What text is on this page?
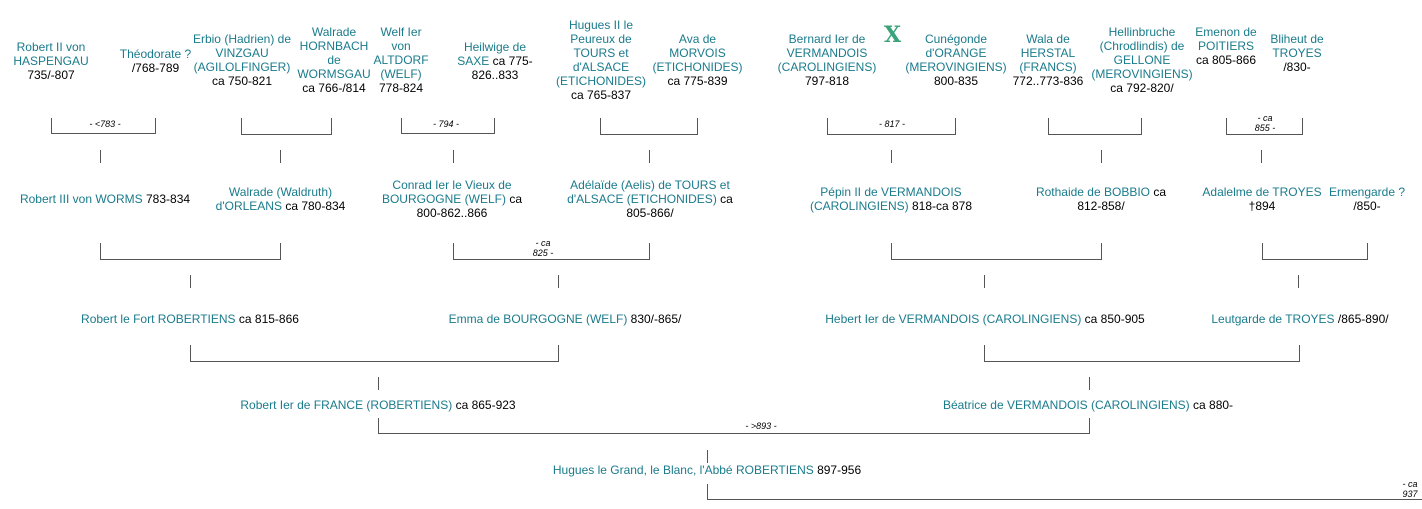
X
Robert II von HASPENGAU
735/-807
Théodorate ? /768-789
Erbio (Hadrien) de VINZGAU (AGILOLFINGER)
ca 750-821
Walrade HORNBACH de WORMSGAU ca 766-/814
Welf Ier von ALTDORF (WELF) 778-824
Heilwige de SAXE ca 775-826..833
Hugues II le Peureux de TOURS et d'ALSACE (ETICHONIDES)
ca 765-837
Ava de MORVOIS (ETICHONIDES)
ca 775-839
Bernard Ier de VERMANDOIS (CAROLINGIENS)
797-818
Cunégonde d'ORANGE (MEROVINGIENS)
800-835
Wala de HERSTAL (FRANCS)
772..773-836
Hellinbruche (Chrodlindis) de GELLONE (MEROVINGIENS)
ca 792-820/
Emenon de POITIERS
ca 805-866
Bliheut de TROYES
/830-
Robert III von WORMS 783-834	Walrade (Waldruth) d'ORLEANS ca 780-834
Conrad Ier le Vieux de BOURGOGNE (WELF) ca 800-862..866
Adélaïde (Aelis) de TOURS et d'ALSACE (ETICHONIDES) ca 805-866/
Pépin II de VERMANDOIS (CAROLINGIENS) 818-ca 878
Rothaide de BOBBIO ca 812-858/
Adalelme de TROYES
†894
Ermengarde ? /850-
Robert le Fort ROBERTIENS ca 815-866	Emma de BOURGOGNE (WELF) 830/-865/	Hebert Ier de VERMANDOIS (CAROLINGIENS) ca 850-905	Leutgarde de TROYES /865-890/
Robert Ier de FRANCE (ROBERTIENS) ca 865-923	Béatrice de VERMANDOIS (CAROLINGIENS) ca 880-
Hugues le Grand, le Blanc, l'Abbé ROBERTIENS 897-956
- <783 -	- 794 -	- 817 -
- ca 855 -
- ca 825 -
- >893 -
- ca 937
